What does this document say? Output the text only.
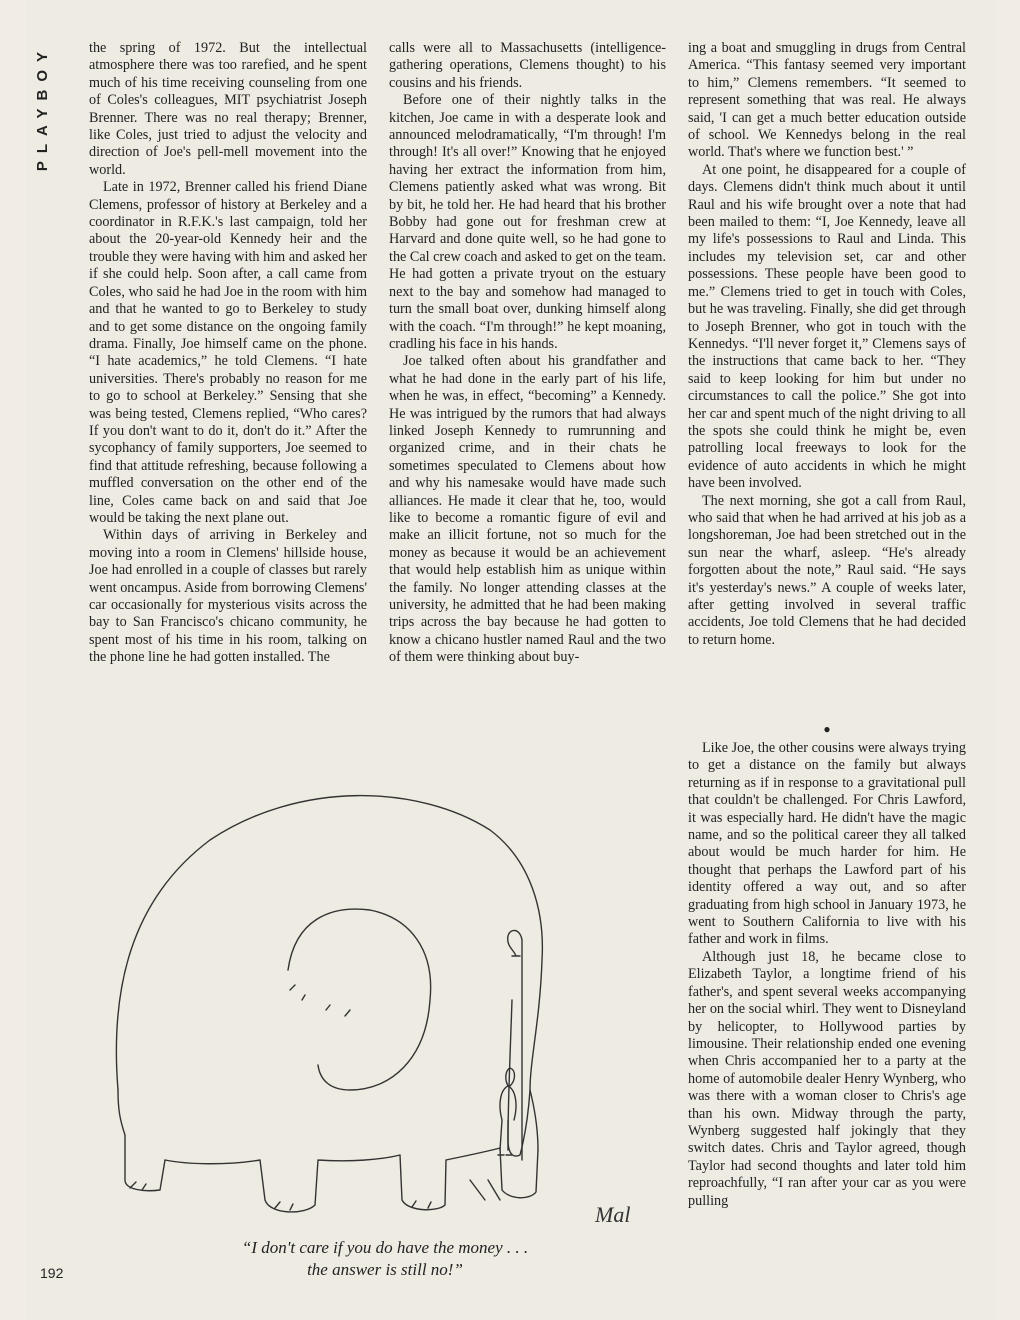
PLAYBOY	the spring of 1972. But the intellectual atmosphere there was too rarefied, and he spent much of his time receiving counseling from one of Coles's colleagues, MIT psychiatrist Joseph Brenner. There was no real therapy; Brenner, like Coles, just tried to adjust the velocity and direction of Joe's pell-mell movement into the world.

Late in 1972, Brenner called his friend Diane Clemens, professor of history at Berkeley and a coordinator in R.F.K.'s last campaign, told her about the 20-year-old Kennedy heir and the trouble they were having with him and asked her if she could help. Soon after, a call came from Coles, who said he had Joe in the room with him and that he wanted to go to Berkeley to study and to get some distance on the ongoing family drama. Finally, Joe himself came on the phone. “I hate academics,” he told Clemens. “I hate universities. There's probably no reason for me to go to school at Berkeley.” Sensing that she was being tested, Clemens replied, “Who cares? If you don't want to do it, don't do it.” After the sycophancy of family supporters, Joe seemed to find that attitude refreshing, because following a muffled conversation on the other end of the line, Coles came back on and said that Joe would be taking the next plane out.

Within days of arriving in Berkeley and moving into a room in Clemens' hillside house, Joe had enrolled in a couple of classes but rarely went oncampus. Aside from borrowing Clemens' car occasionally for mysterious visits across the bay to San Francisco's chicano community, he spent most of his time in his room, talking on the phone line he had gotten installed. The

calls were all to Massachusetts (intelligence-gathering operations, Clemens thought) to his cousins and his friends.

Before one of their nightly talks in the kitchen, Joe came in with a desperate look and announced melodramatically, “I'm through! I'm through! It's all over!” Knowing that he enjoyed having her extract the information from him, Clemens patiently asked what was wrong. Bit by bit, he told her. He had heard that his brother Bobby had gone out for freshman crew at Harvard and done quite well, so he had gone to the Cal crew coach and asked to get on the team. He had gotten a private tryout on the estuary next to the bay and somehow had managed to turn the small boat over, dunking himself along with the coach. “I'm through!” he kept moaning, cradling his face in his hands.

Joe talked often about his grandfather and what he had done in the early part of his life, when he was, in effect, “becoming” a Kennedy. He was intrigued by the rumors that had always linked Joseph Kennedy to rumrunning and organized crime, and in their chats he sometimes speculated to Clemens about how and why his namesake would have made such alliances. He made it clear that he, too, would like to become a romantic figure of evil and make an illicit fortune, not so much for the money as because it would be an achievement that would help establish him as unique within the family. No longer attending classes at the university, he admitted that he had been making trips across the bay because he had gotten to know a chicano hustler named Raul and the two of them were thinking about buy-

ing a boat and smuggling in drugs from Central America. “This fantasy seemed very important to him,” Clemens remembers. “It seemed to represent something that was real. He always said, 'I can get a much better education outside of school. We Kennedys belong in the real world. That's where we function best.' ”

At one point, he disappeared for a couple of days. Clemens didn't think much about it until Raul and his wife brought over a note that had been mailed to them: “I, Joe Kennedy, leave all my life's possessions to Raul and Linda. This includes my television set, car and other possessions. These people have been good to me.” Clemens tried to get in touch with Coles, but he was traveling. Finally, she did get through to Joseph Brenner, who got in touch with the Kennedys. “I'll never forget it,” Clemens says of the instructions that came back to her. “They said to keep looking for him but under no circumstances to call the police.” She got into her car and spent much of the night driving to all the spots she could think he might be, even patrolling local freeways to look for the evidence of auto accidents in which he might have been involved.

The next morning, she got a call from Raul, who said that when he had arrived at his job as a longshoreman, Joe had been stretched out in the sun near the wharf, asleep. “He's already forgotten about the note,” Raul said. “He says it's yesterday's news.” A couple of weeks later, after getting involved in several traffic accidents, Joe told Clemens that he had decided to return home.

●

Like Joe, the other cousins were always trying to get a distance on the family but always returning as if in response to a gravitational pull that couldn't be challenged. For Chris Lawford, it was especially hard. He didn't have the magic name, and so the political career they all talked about would be much harder for him. He thought that perhaps the Lawford part of his identity offered a way out, and so after graduating from high school in January 1973, he went to Southern California to live with his father and work in films.

Although just 18, he became close to Elizabeth Taylor, a longtime friend of his father's, and spent several weeks accompanying her on the social whirl. They went to Disneyland by helicopter, to Hollywood parties by limousine. Their relationship ended one evening when Chris accompanied her to a party at the home of automobile dealer Henry Wynberg, who was there with a woman closer to Chris's age than his own. Midway through the party, Wynberg suggested half jokingly that they switch dates. Chris and Taylor agreed, though Taylor had second thoughts and later told him reproachfully, “I ran after your car as you were pulling

Mal
“I don't care if you do have the money . . .
the answer is still no!”
192
